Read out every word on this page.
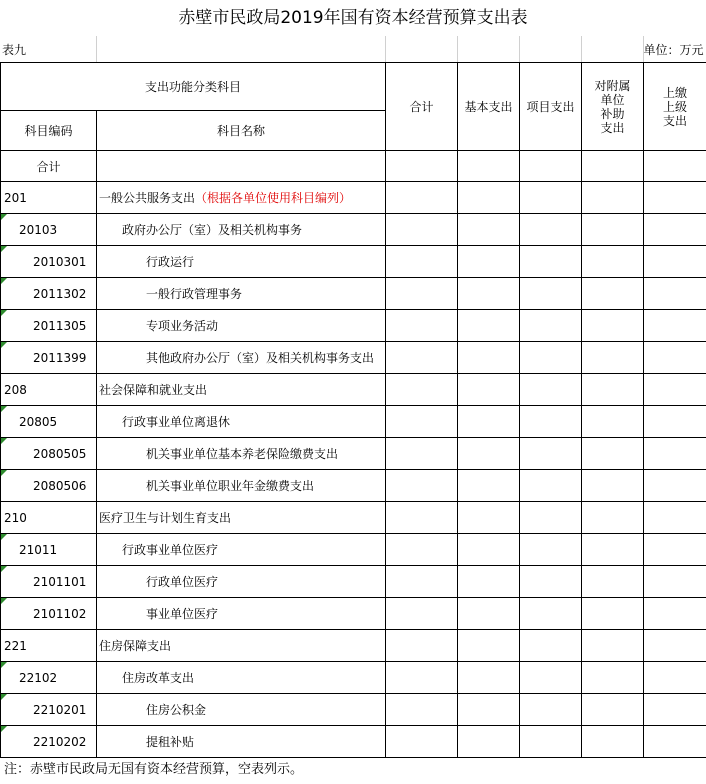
赤壁市民政局2019年国有资本经营预算支出表
表九						单位：万元
支出功能分类科目		合计	基本支出	项目支出	对附属
单位
补助
支出	上缴
上级
支出
科目编码	科目名称					
合计						
201	一般公共服务支出（根据各单位使用科目编列）					

20103	政府办公厅（室）及相关机构事务					

2010301	行政运行					

2011302	一般行政管理事务					

2011305	专项业务活动					

2011399	其他政府办公厅（室）及相关机构事务支出					
208	社会保障和就业支出					

20805	行政事业单位离退休					

2080505	机关事业单位基本养老保险缴费支出					

2080506	机关事业单位职业年金缴费支出					
210	医疗卫生与计划生育支出					

21011	行政事业单位医疗					

2101101	行政单位医疗					

2101102	事业单位医疗					
221	住房保障支出					

22102	住房改革支出					

2210201	住房公积金					

2210202	提租补贴					
注：赤壁市民政局无国有资本经营预算，空表列示。
